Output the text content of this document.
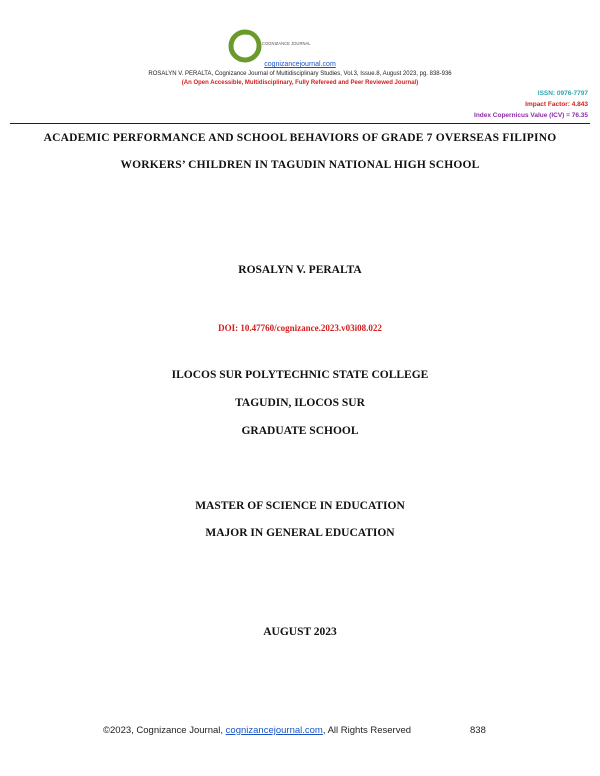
COGNIZANCE JOURNAL
cognizancejournal.com
ROSALYN V. PERALTA, Cognizance Journal of Multidisciplinary Studies, Vol.3, Issue.8, August 2023, pg. 838-936
(An Open Accessible, Multidisciplinary, Fully Refereed and Peer Reviewed Journal)
ISSN: 0976-7797
Impact Factor: 4.843
Index Copernicus Value (ICV) = 76.35
ACADEMIC PERFORMANCE AND SCHOOL BEHAVIORS OF GRADE 7 OVERSEAS FILIPINO
WORKERS’ CHILDREN IN TAGUDIN NATIONAL HIGH SCHOOL
ROSALYN V. PERALTA
DOI: 10.47760/cognizance.2023.v03i08.022
ILOCOS SUR POLYTECHNIC STATE COLLEGE
TAGUDIN, ILOCOS SUR
GRADUATE SCHOOL
MASTER OF SCIENCE IN EDUCATION
MAJOR IN GENERAL EDUCATION
AUGUST 2023
©2023, Cognizance Journal, cognizancejournal.com, All Rights Reserved	838
